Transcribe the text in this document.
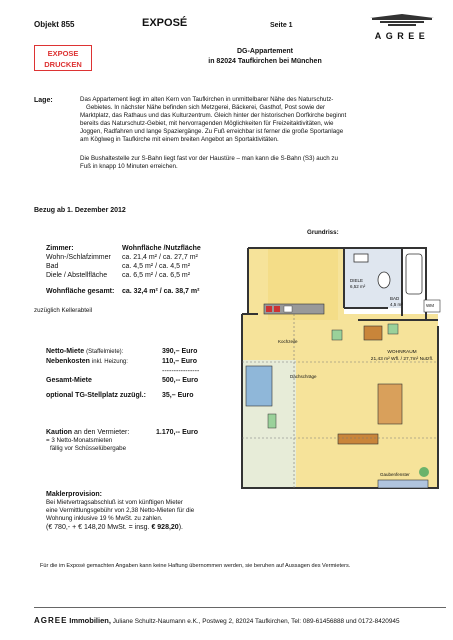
Objekt 855	EXPOSÉ	Seite 1
AGREE
EXPOSE
DRUCKEN
DG-Appartement
in 82024 Taufkirchen bei München
Lage:	Das Appartement liegt im alten Kern von Taufkirchen in unmittelbarer Nähe des Naturschutz-
Gebietes. In nächster Nähe befinden sich Metzgerei, Bäckerei, Gasthof, Post sowie der
Marktplatz, das Rathaus und das Kulturzentrum. Gleich hinter der historischen Dorfkirche beginnt
bereits das Naturschutz-Gebiet, mit hervorragenden Möglichkeiten für Freizeitaktivitäten, wie
Joggen, Radfahren und lange Spaziergänge. Zu Fuß erreichbar ist ferner die große Sportanlage
am Köglweg in Taufkirche mit einem breiten Angebot an Sportaktivitäten.
Die Bushaltestelle zur S-Bahn liegt fast vor der Haustüre – man kann die S-Bahn (S3) auch zu
Fuß in knapp 10 Minuten erreichen.
Bezug ab 1. Dezember 2012
Grundriss:
Zimmer:	Wohnfläche /Nutzfläche
Wohn-/Schlafzimmer	ca. 21,4 m² / ca. 27,7 m²
Bad	ca. 4,5 m² / ca. 4,5 m²
Diele / Abstellfläche	ca. 6,5 m² / ca. 6,5 m²
Wohnfläche gesamt:	ca. 32,4 m² / ca. 38,7 m²
zuzüglich Kellerabteil
Netto-Miete (Staffelmiete):	390,– Euro
Nebenkosten inkl. Heizung:	110,– Euro
----------------
Gesamt-Miete	500,-- Euro
optional TG-Stellplatz zuzügl.:	35,– Euro
Kaution an den Vermieter:	1.170,-- Euro
= 3 Netto-Monatsmieten
fällig vor Schüsselübergabe
Maklerprovision:
Bei Mietvertragsabschluß ist vom künftigen Mieter
eine Vermittlungsgebühr von 2,38 Netto-Mieten für die
Wohnung inklusive 19 % MwSt. zu zahlen.
(€ 780,- + € 148,20 MwSt. = insg. € 928,20).
Für die im Exposé gemachten Angaben kann keine Haftung übernommen werden, sie beruhen auf Aussagen des Vermieters.
AGREE Immobilien, Juliane Schultz-Naumann e.K., Postweg 2, 82024 Taufkirchen, Tel: 089-61456888 und 0172-8420945
DIELE
6,52 m²
BAD
4,5 m²	WM
Kochzeile
WOHNRAUM
21,43 m² Wfl. / 27,7m² Nutzfl.
Dachschräge
Gaubenfenster
